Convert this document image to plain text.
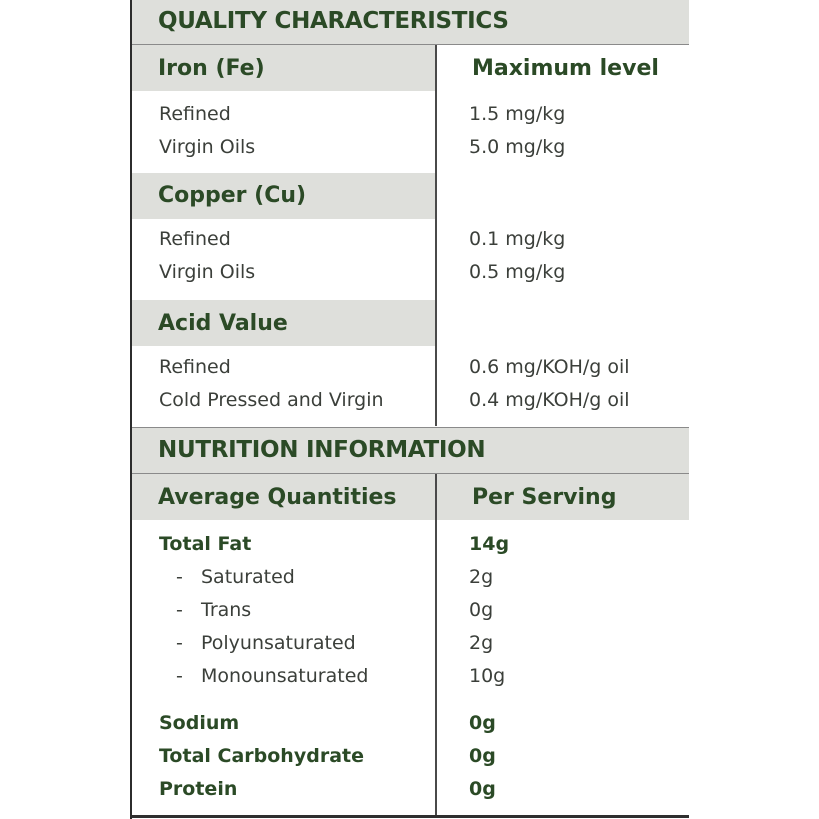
QUALITY CHARACTERISTICS
Iron (Fe)	Maximum level
Refined	1.5 mg/kg
Virgin Oils	5.0 mg/kg
Copper (Cu)
Refined	0.1 mg/kg
Virgin Oils	0.5 mg/kg
Acid Value
Refined	0.6 mg/KOH/g oil
Cold Pressed and Virgin	0.4 mg/KOH/g oil
NUTRITION INFORMATION
Average Quantities	Per Serving
Total Fat	14g
- Saturated	2g
- Trans	0g
- Polyunsaturated	2g
- Monounsaturated	10g
Sodium	0g
Total Carbohydrate	0g
Protein	0g
